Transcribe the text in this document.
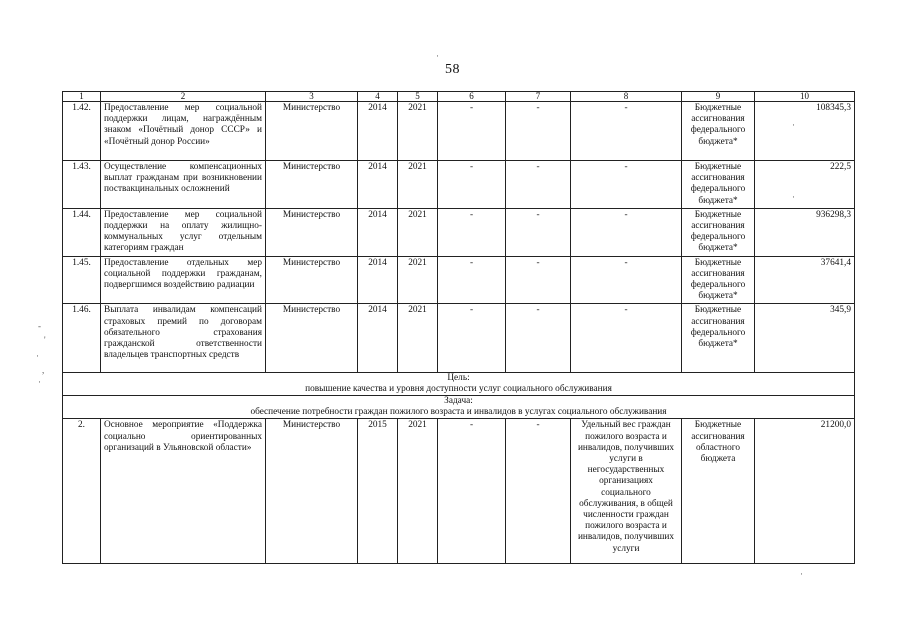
·
-
'
·
,
·
·
·
·
58
1	2	3	4	5	6	7	8	9	10
1.42.	Предоставление мер социальной поддержки лицам, награждённым знаком «Почётный донор СССР» и «Почётный донор России»	Министерство	2014	2021	-	-	-	Бюджетные ассигнования федерального бюджета*	108345,3
1.43.	Осуществление компенсационных выплат гражданам при возникновении поствакцинальных осложнений	Министерство	2014	2021	-	-	-	Бюджетные ассигнования федерального бюджета*	222,5
1.44.	Предоставление мер социальной поддержки на оплату жилищно-коммунальных услуг отдельным категориям граждан	Министерство	2014	2021	-	-	-	Бюджетные ассигнования федерального бюджета*	936298,3
1.45.	Предоставление отдельных мер социальной поддержки гражданам, подвергшимся воздействию радиации	Министерство	2014	2021	-	-	-	Бюджетные ассигнования федерального бюджета*	37641,4
1.46.	Выплата инвалидам компенсаций страховых премий по договорам обязательного страхования гражданской ответственности владельцев транспортных средств	Министерство	2014	2021	-	-	-	Бюджетные ассигнования федерального бюджета*	345,9

Цель:
повышение качества и уровня доступности услуг социального обслуживания									

Задача:
обеспечение потребности граждан пожилого возраста и инвалидов в услугах социального обслуживания									

2.	Основное мероприятие «Поддержка социально ориентированных организаций в Ульяновской области»	Министерство	2015	2021	-	-	Удельный вес граждан пожилого возраста и инвалидов, получивших услуги в негосударственных организациях социального обслуживания, в общей численности граждан пожилого возраста и инвалидов, получивших услуги	Бюджетные ассигнования областного бюджета	21200,0
